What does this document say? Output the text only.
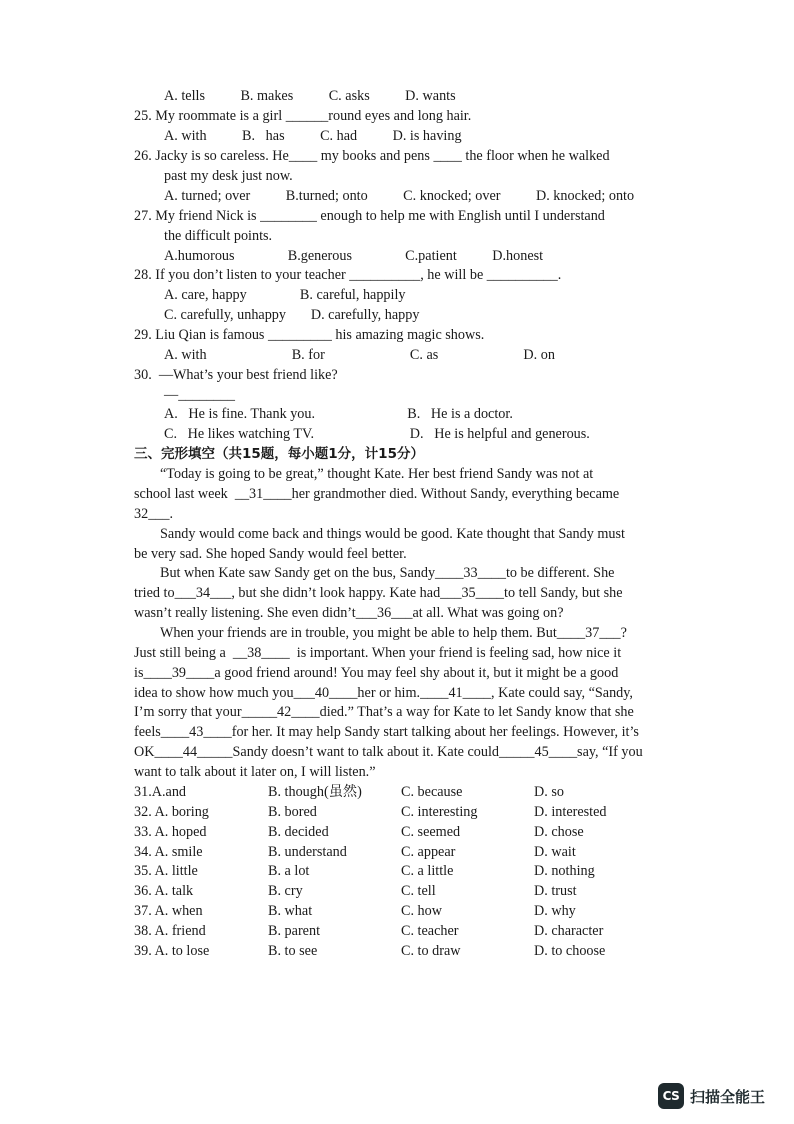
A. tells          B. makes          C. asks          D. wants
25. My roommate is a girl ______round eyes and long hair.
A. with          B.   has          C. had          D. is having
26. Jacky is so careless. He____ my books and pens ____ the floor when he walked
past my desk just now.
A. turned; over          B.turned; onto          C. knocked; over          D. knocked; onto
27. My friend Nick is ________ enough to help me with English until I understand
the difficult points.
A.humorous               B.generous               C.patient          D.honest
28. If you don’t listen to your teacher __________, he will be __________.
A. care, happy               B. careful, happily
C. carefully, unhappy       D. carefully, happy
29. Liu Qian is famous _________ his amazing magic shows.
A. with                        B. for                        C. as                        D. on
30.  —What’s your best friend like?
—________
A.   He is fine. Thank you.                          B.   He is a doctor.
C.   He likes watching TV.                           D.   He is helpful and generous.
三、完形填空（共15题，每小题1分，计15分）
“Today is going to be great,” thought Kate. Her best friend Sandy was not at
school last week  __31____her grandmother died. Without Sandy, everything became
32___.
Sandy would come back and things would be good. Kate thought that Sandy must
be very sad. She hoped Sandy would feel better.
But when Kate saw Sandy get on the bus, Sandy____33____to be different. She
tried to___34___, but she didn’t look happy. Kate had___35____to tell Sandy, but she
wasn’t really listening. She even didn’t___36___at all. What was going on?
When your friends are in trouble, you might be able to help them. But____37___?
Just still being a  __38____  is important. When your friend is feeling sad, how nice it
is____39____a good friend around! You may feel shy about it, but it might be a good
idea to show how much you___40____her or him.____41____, Kate could say, “Sandy,
I’m sorry that your_____42____died.” That’s a way for Kate to let Sandy know that she
feels____43____for her. It may help Sandy start talking about her feelings. However, it’s
OK____44_____Sandy doesn’t want to talk about it. Kate could_____45____say, “If you
want to talk about it later on, I will listen.”
31.A.and	B. though(虽然)	C. because	D. so
32. A. boring	B. bored	C. interesting	D. interested
33. A. hoped	B. decided	C. seemed	D. chose
34. A. smile	B. understand	C. appear	D. wait
35. A. little	B. a lot	C. a little	D. nothing
36. A. talk	B. cry	C. tell	D. trust
37. A. when	B. what	C. how	D. why
38. A. friend	B. parent	C. teacher	D. character
39. A. to lose	B. to see	C. to draw	D. to choose
CS 扫描全能王
